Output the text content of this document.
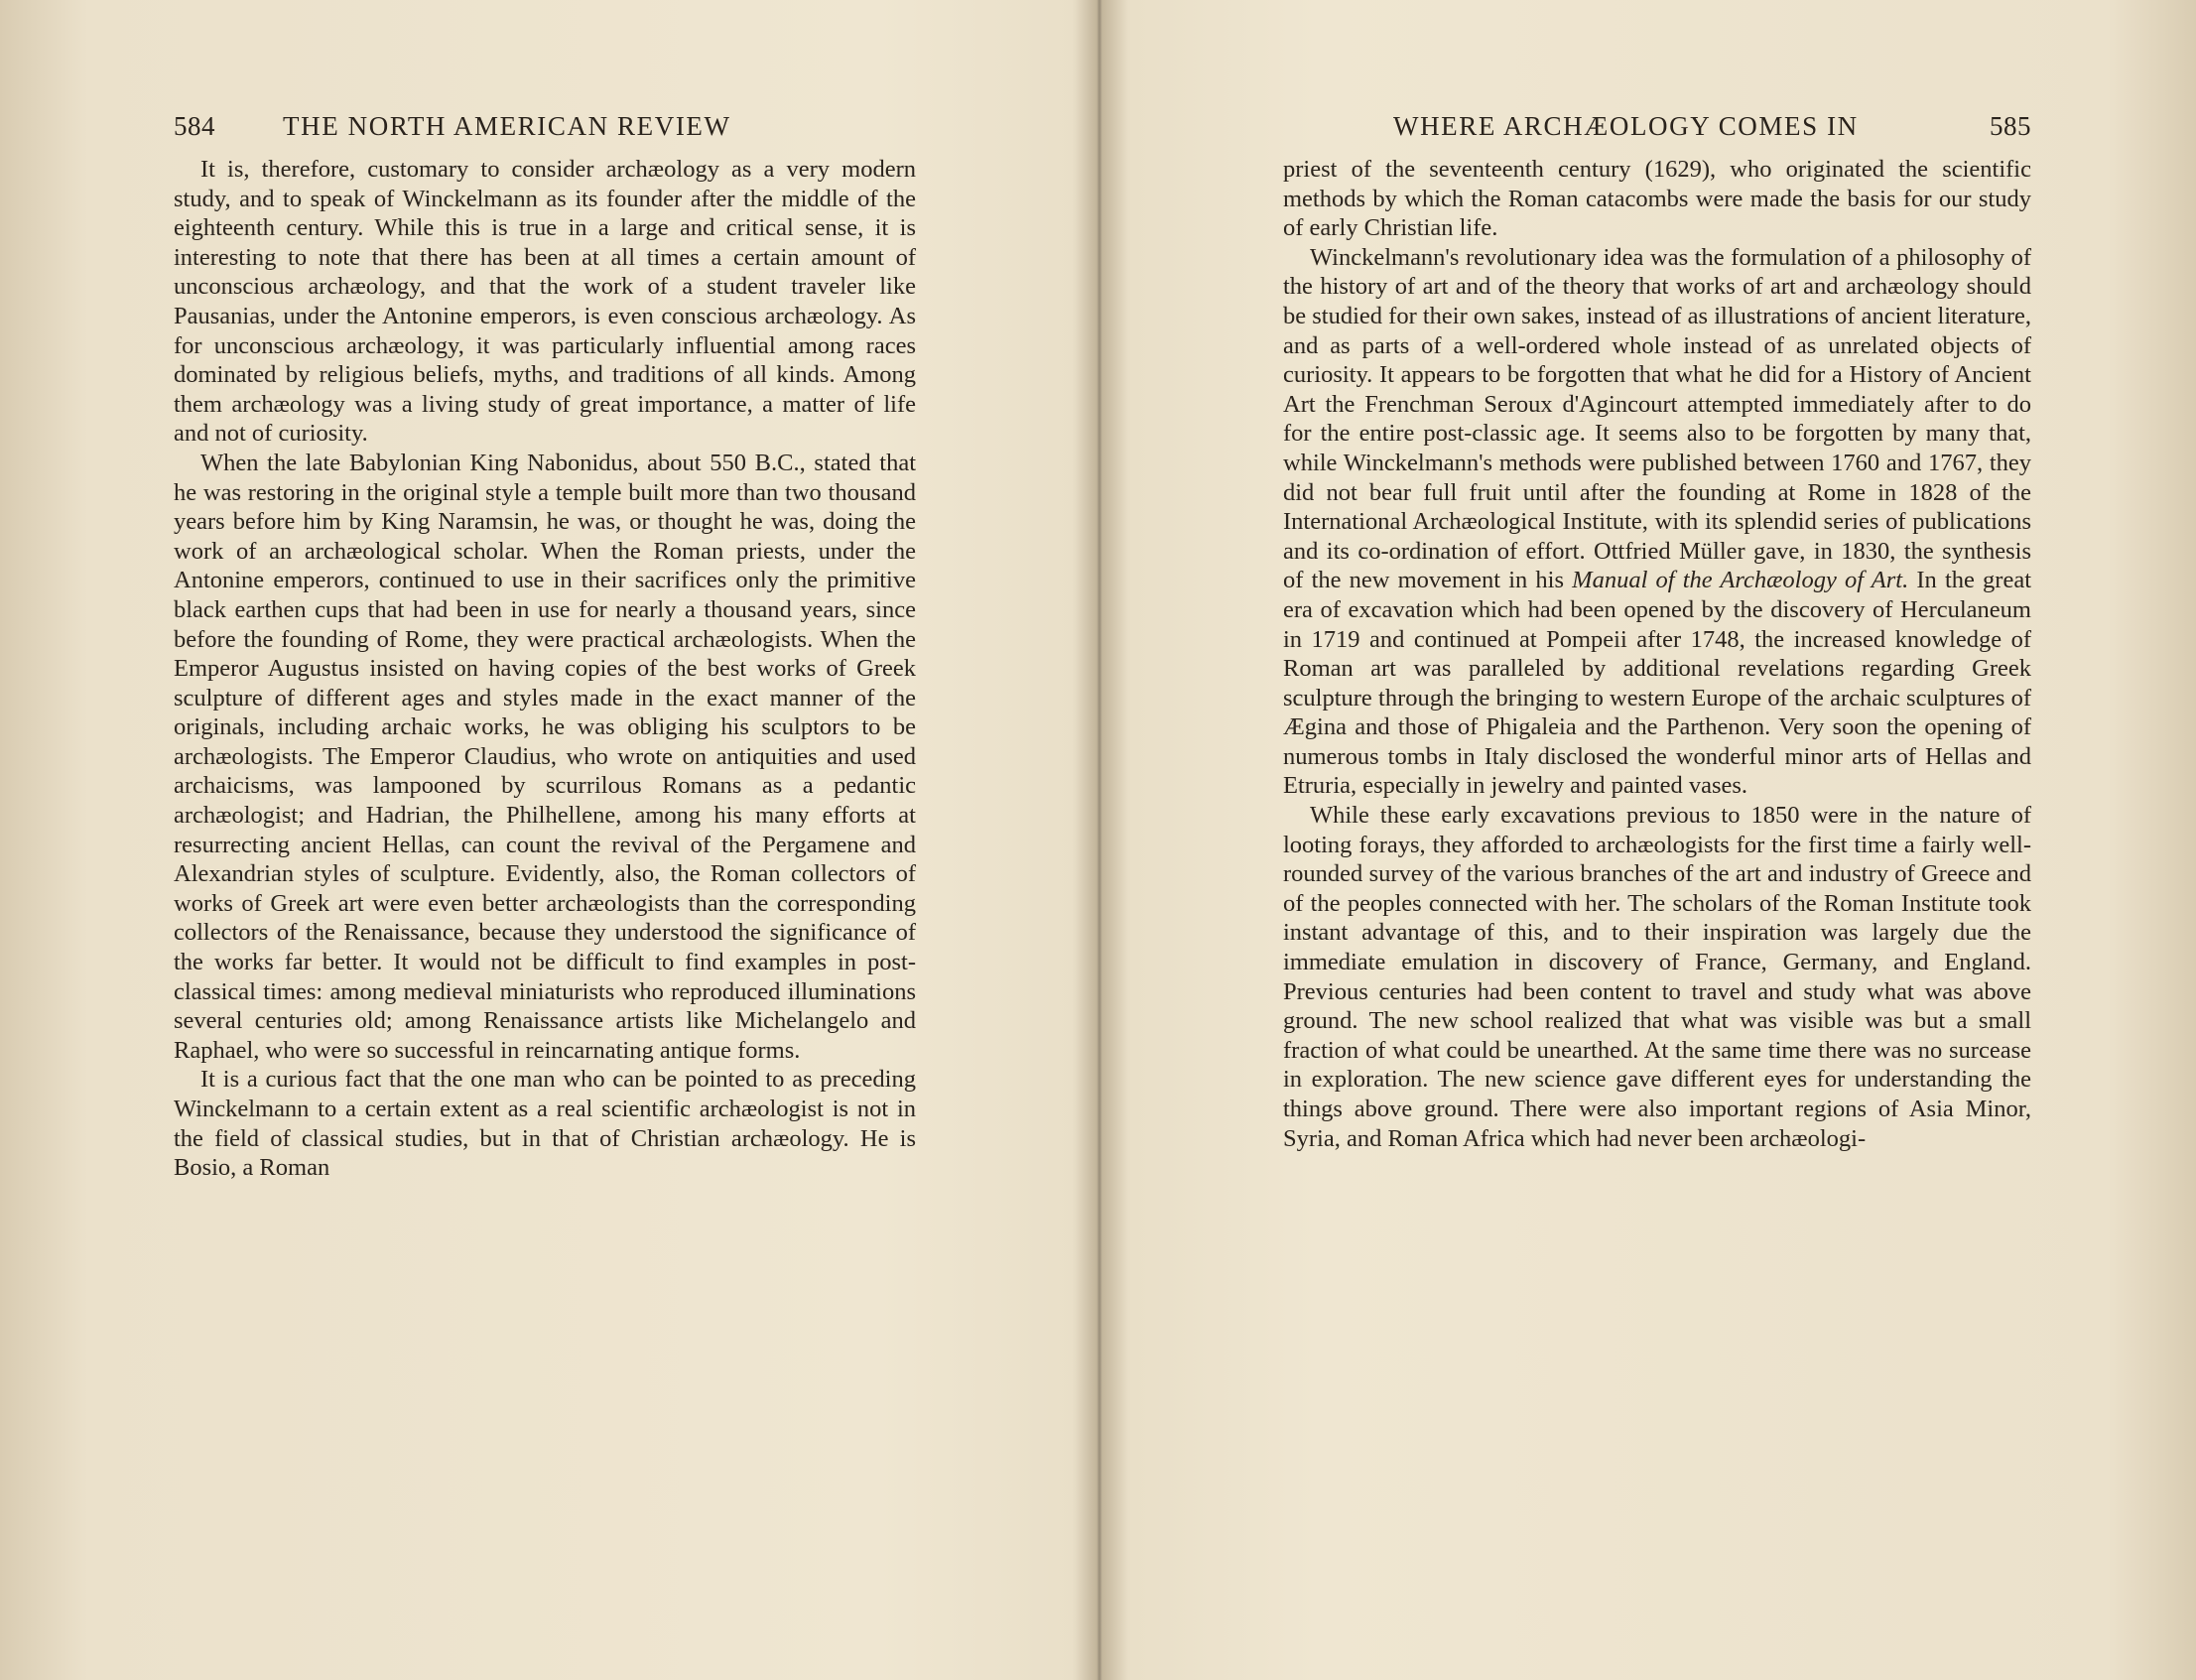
584	THE NORTH AMERICAN REVIEW

It is, therefore, customary to consider archæology as a very modern study, and to speak of Winckelmann as its founder after the middle of the eighteenth century. While this is true in a large and critical sense, it is interesting to note that there has been at all times a certain amount of unconscious archæology, and that the work of a student traveler like Pausanias, under the Antonine emperors, is even conscious archæology. As for unconscious archæology, it was particularly influential among races dominated by religious beliefs, myths, and traditions of all kinds. Among them archæology was a living study of great importance, a matter of life and not of curiosity.

When the late Babylonian King Nabonidus, about 550 B.C., stated that he was restoring in the original style a temple built more than two thousand years before him by King Naramsin, he was, or thought he was, doing the work of an archæological scholar. When the Roman priests, under the Antonine emperors, continued to use in their sacrifices only the primitive black earthen cups that had been in use for nearly a thousand years, since before the founding of Rome, they were practical archæologists. When the Emperor Augustus insisted on having copies of the best works of Greek sculpture of different ages and styles made in the exact manner of the originals, including archaic works, he was obliging his sculptors to be archæologists. The Emperor Claudius, who wrote on antiquities and used archaicisms, was lampooned by scurrilous Romans as a pedantic archæologist; and Hadrian, the Philhellene, among his many efforts at resurrecting ancient Hellas, can count the revival of the Pergamene and Alexandrian styles of sculpture. Evidently, also, the Roman collectors of works of Greek art were even better archæologists than the corresponding collectors of the Renaissance, because they understood the significance of the works far better. It would not be difficult to find examples in post-classical times: among medieval miniaturists who reproduced illuminations several centuries old; among Renaissance artists like Michelangelo and Raphael, who were so successful in reincarnating antique forms.

It is a curious fact that the one man who can be pointed to as preceding Winckelmann to a certain extent as a real scientific archæologist is not in the field of classical studies, but in that of Christian archæology. He is Bosio, a Roman

WHERE ARCHÆOLOGY COMES IN	585

priest of the seventeenth century (1629), who originated the scientific methods by which the Roman catacombs were made the basis for our study of early Christian life.

Winckelmann's revolutionary idea was the formulation of a philosophy of the history of art and of the theory that works of art and archæology should be studied for their own sakes, instead of as illustrations of ancient literature, and as parts of a well-ordered whole instead of as unrelated objects of curiosity. It appears to be forgotten that what he did for a History of Ancient Art the Frenchman Seroux d'Agincourt attempted immediately after to do for the entire post-classic age. It seems also to be forgotten by many that, while Winckelmann's methods were published between 1760 and 1767, they did not bear full fruit until after the founding at Rome in 1828 of the International Archæological Institute, with its splendid series of publications and its co-ordination of effort. Ottfried Müller gave, in 1830, the synthesis of the new movement in his Manual of the Archæology of Art. In the great era of excavation which had been opened by the discovery of Herculaneum in 1719 and continued at Pompeii after 1748, the increased knowledge of Roman art was paralleled by additional revelations regarding Greek sculpture through the bringing to western Europe of the archaic sculptures of Ægina and those of Phigaleia and the Parthenon. Very soon the opening of numerous tombs in Italy disclosed the wonderful minor arts of Hellas and Etruria, especially in jewelry and painted vases.

While these early excavations previous to 1850 were in the nature of looting forays, they afforded to archæologists for the first time a fairly well-rounded survey of the various branches of the art and industry of Greece and of the peoples connected with her. The scholars of the Roman Institute took instant advantage of this, and to their inspiration was largely due the immediate emulation in discovery of France, Germany, and England. Previous centuries had been content to travel and study what was above ground. The new school realized that what was visible was but a small fraction of what could be unearthed. At the same time there was no surcease in exploration. The new science gave different eyes for understanding the things above ground. There were also important regions of Asia Minor, Syria, and Roman Africa which had never been archæologi-
